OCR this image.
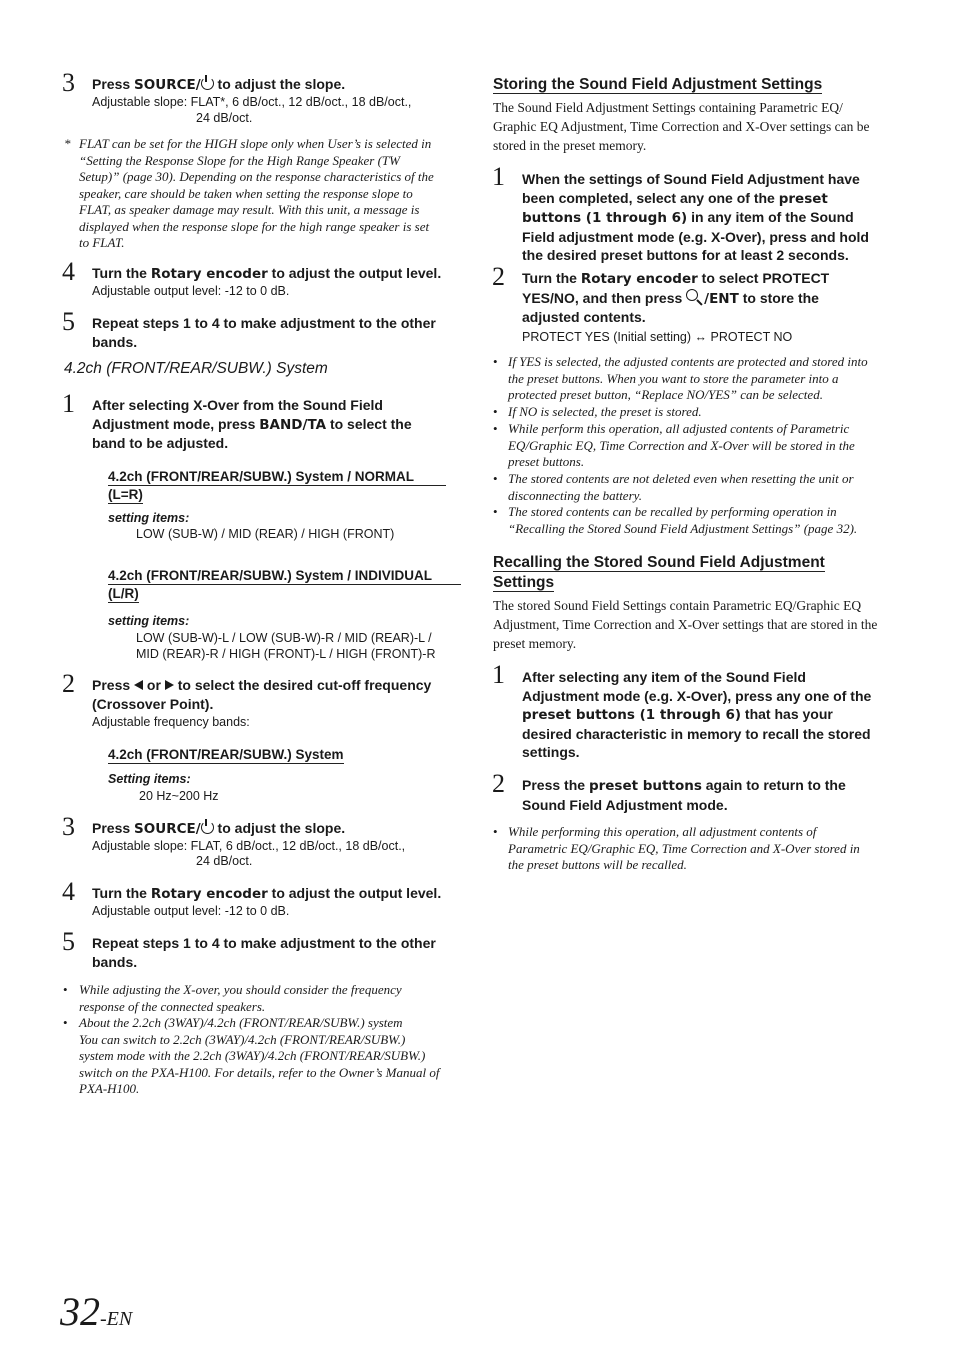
3 Press SOURCE/ to adjust the slope.
Adjustable slope: FLAT*, 6 dB/oct., 12 dB/oct., 18 dB/oct.,
24 dB/oct.
* FLAT can be set for the HIGH slope only when User’s is selected in
“Setting the Response Slope for the High Range Speaker (TW
Setup)” (page 30). Depending on the response characteristics of the
speaker, care should be taken when setting the response slope to
FLAT, as speaker damage may result. With this unit, a message is
displayed when the response slope for the high range speaker is set
to FLAT.
4 Turn the Rotary encoder to adjust the output level.
Adjustable output level: -12 to 0 dB.
5 Repeat steps 1 to 4 to make adjustment to the other
bands.
4.2ch (FRONT/REAR/SUBW.) System
1 After selecting X-Over from the Sound Field
Adjustment mode, press BAND/TA to select the
band to be adjusted.
4.2ch (FRONT/REAR/SUBW.) System / NORMAL
(L=R)
setting items:
LOW (SUB-W) / MID (REAR) / HIGH (FRONT)
4.2ch (FRONT/REAR/SUBW.) System / INDIVIDUAL
(L/R)
setting items:
LOW (SUB-W)-L / LOW (SUB-W)-R / MID (REAR)-L /
MID (REAR)-R / HIGH (FRONT)-L / HIGH (FRONT)-R
2 Press  or  to select the desired cut-off frequency
(Crossover Point).
Adjustable frequency bands:
4.2ch (FRONT/REAR/SUBW.) System
Setting items:
20 Hz~200 Hz
3 Press SOURCE/ to adjust the slope.
Adjustable slope: FLAT, 6 dB/oct., 12 dB/oct., 18 dB/oct.,
24 dB/oct.
4 Turn the Rotary encoder to adjust the output level.
Adjustable output level: -12 to 0 dB.
5 Repeat steps 1 to 4 to make adjustment to the other
bands.
• While adjusting the X-over, you should consider the frequency
response of the connected speakers.
• About the 2.2ch (3WAY)/4.2ch (FRONT/REAR/SUBW.) system
You can switch to 2.2ch (3WAY)/4.2ch (FRONT/REAR/SUBW.)
system mode with the 2.2ch (3WAY)/4.2ch (FRONT/REAR/SUBW.)
switch on the PXA-H100. For details, refer to the Owner’s Manual of
PXA-H100.
Storing the Sound Field Adjustment Settings
The Sound Field Adjustment Settings containing Parametric EQ/
Graphic EQ Adjustment, Time Correction and X-Over settings can be
stored in the preset memory.
1 When the settings of Sound Field Adjustment have
been completed, select any one of the preset
buttons (1 through 6) in any item of the Sound
Field adjustment mode (e.g. X-Over), press and hold
the desired preset buttons for at least 2 seconds.
2 Turn the Rotary encoder to select PROTECT
YES/NO, and then press /ENT to store the
adjusted contents.
PROTECT YES (Initial setting) ↔ PROTECT NO
• If YES is selected, the adjusted contents are protected and stored into
the preset buttons. When you want to store the parameter into a
protected preset button, “Replace NO/YES” can be selected.
• If NO is selected, the preset is stored.
• While perform this operation, all adjusted contents of Parametric
EQ/Graphic EQ, Time Correction and X-Over will be stored in the
preset buttons.
• The stored contents are not deleted even when resetting the unit or
disconnecting the battery.
• The stored contents can be recalled by performing operation in
“Recalling the Stored Sound Field Adjustment Settings” (page 32).
Recalling the Stored Sound Field Adjustment
Settings
The stored Sound Field Settings contain Parametric EQ/Graphic EQ
Adjustment, Time Correction and X-Over settings that are stored in the
preset memory.
1 After selecting any item of the Sound Field
Adjustment mode (e.g. X-Over), press any one of the
preset buttons (1 through 6) that has your
desired characteristic in memory to recall the stored
settings.
2 Press the preset buttons again to return to the
Sound Field Adjustment mode.
• While performing this operation, all adjustment contents of
Parametric EQ/Graphic EQ, Time Correction and X-Over stored in
the preset buttons will be recalled.
32-EN
